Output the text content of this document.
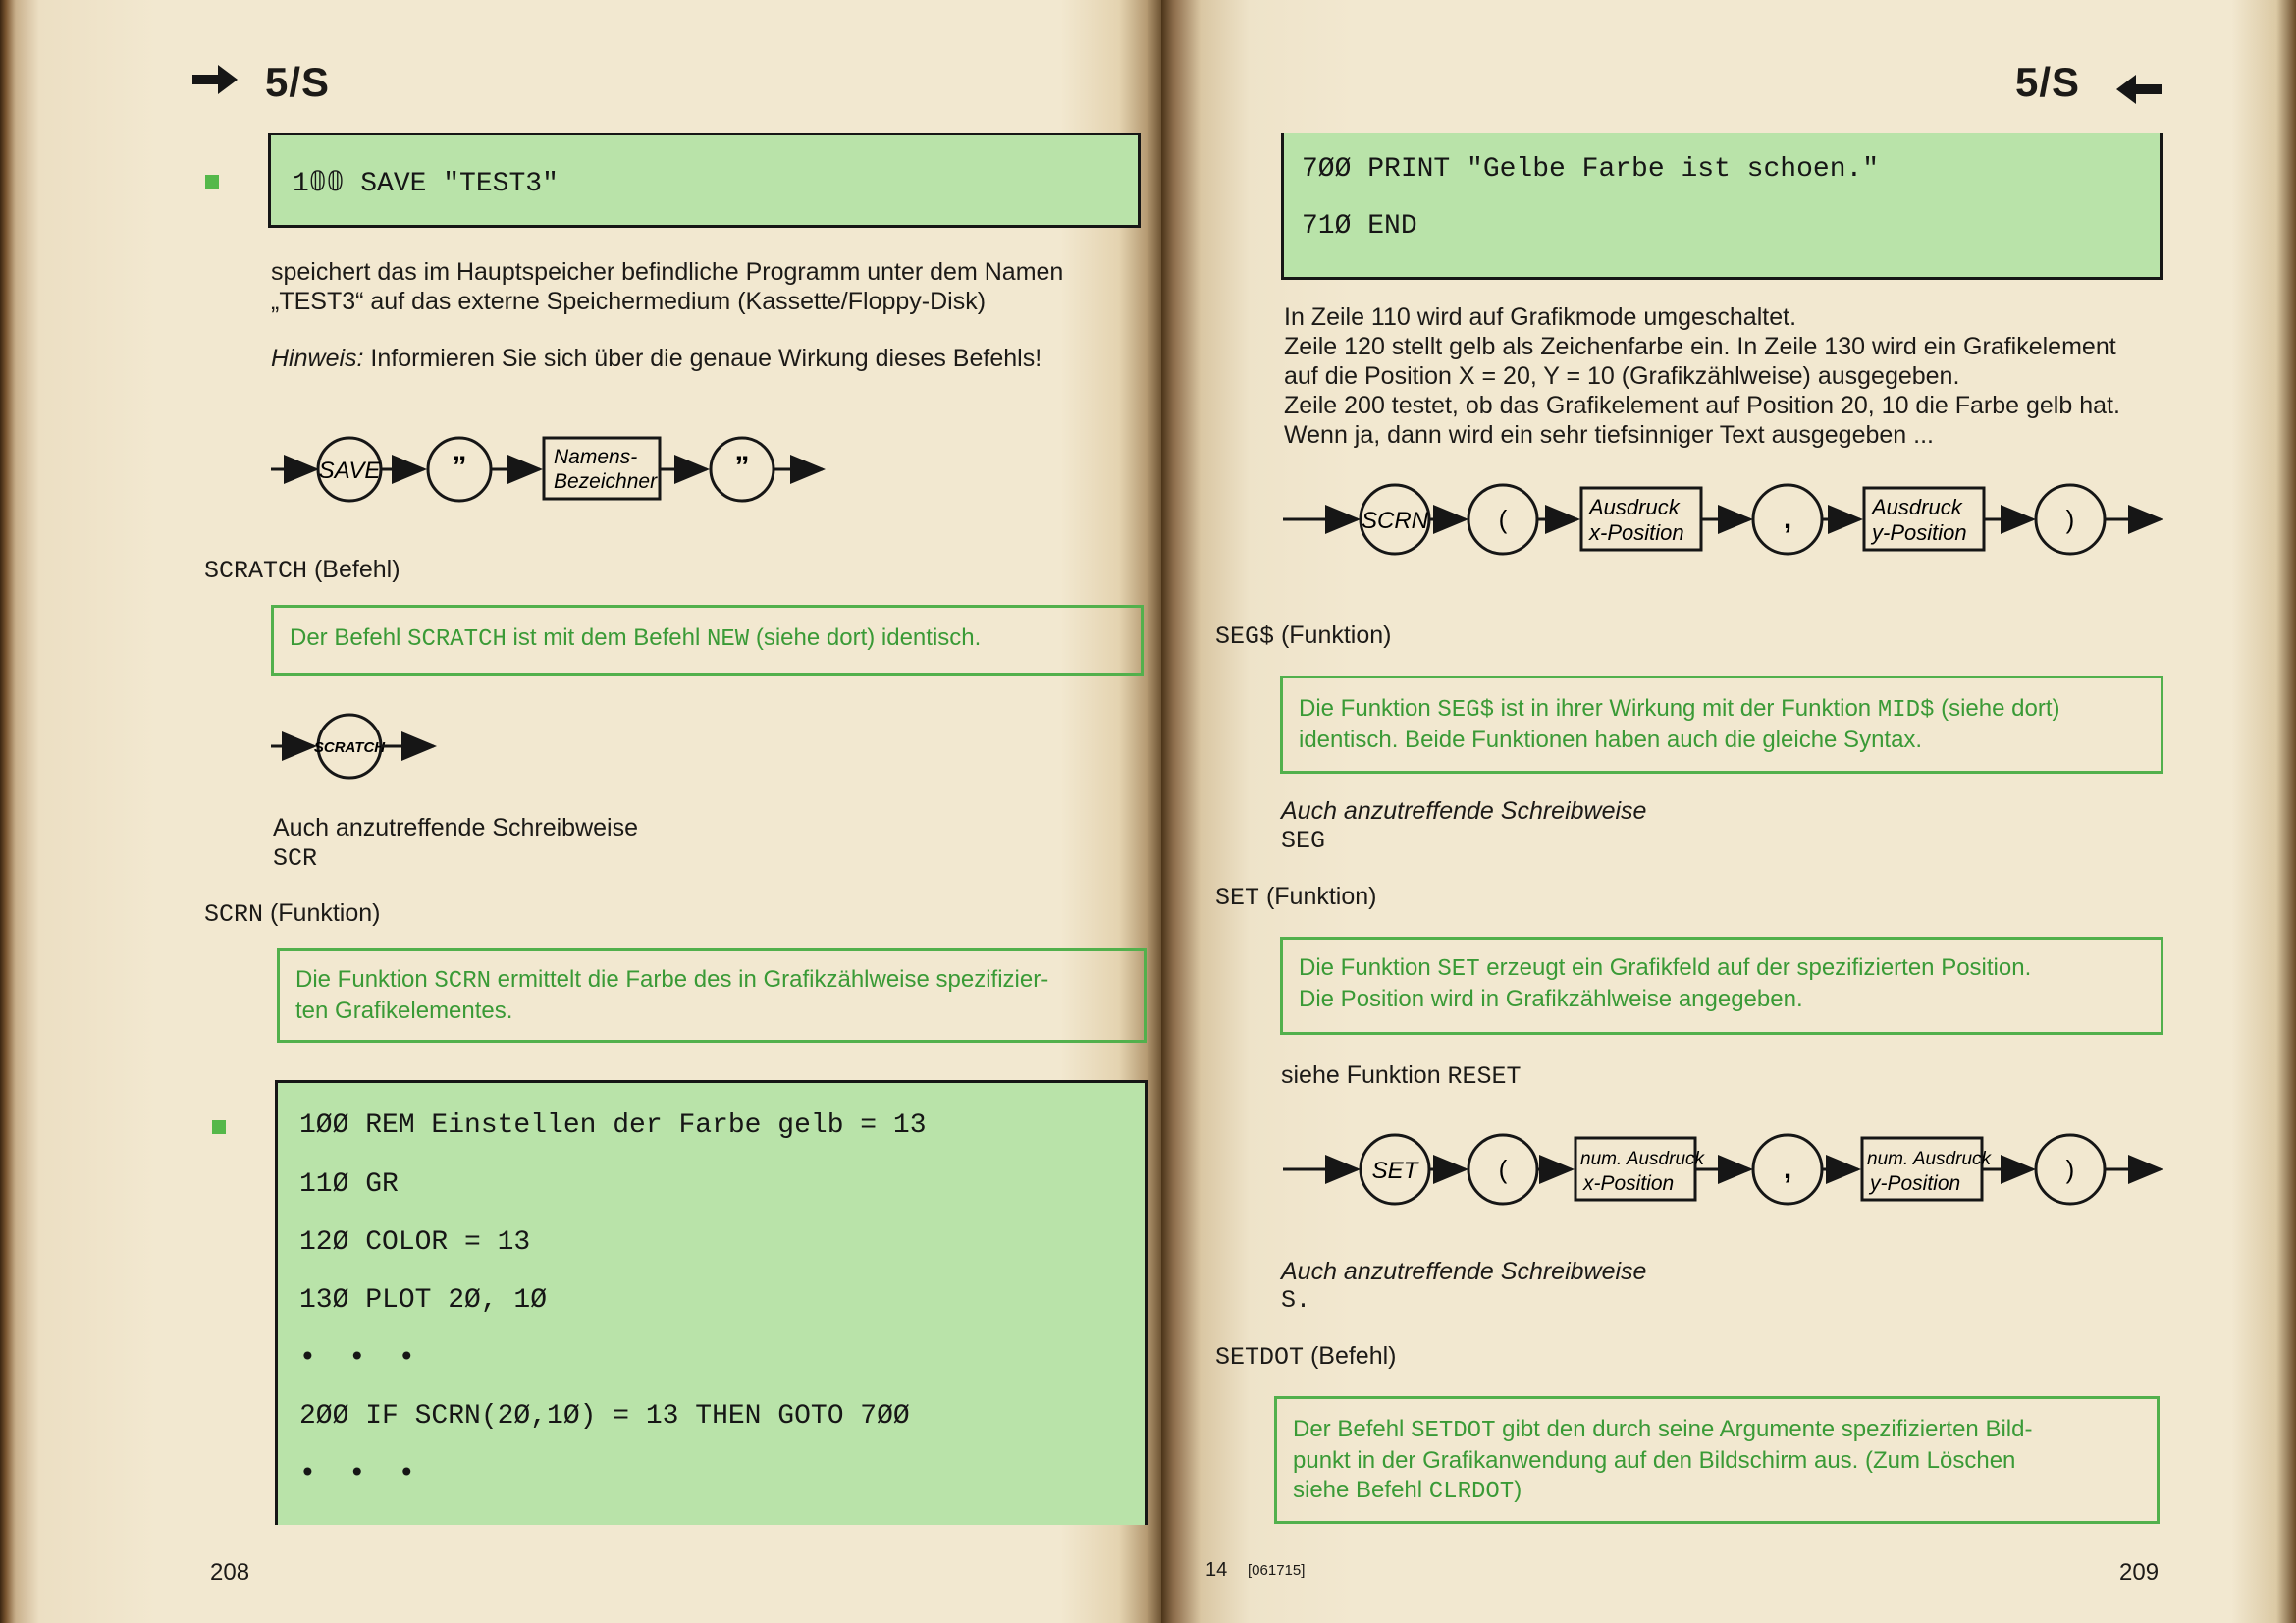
5/S
1𝟘𝟘 SAVE "TEST3"
speichert das im Hauptspeicher befindliche Programm unter dem Namen
„TEST3“ auf das externe Speichermedium (Kassette/Floppy-Disk)
Hinweis: Informieren Sie sich über die genaue Wirkung dieses Befehls!
SAVE ”	Namens-
Bezeichner	”
SCRATCH (Befehl)
Der Befehl SCRATCH ist mit dem Befehl NEW (siehe dort) identisch.
SCRATCH
Auch anzutreffende Schreibweise
SCR
SCRN (Funktion)
Die Funktion SCRN ermittelt die Farbe des in Grafikzählweise spezifizier-
ten Grafikelementes.
1ØØ REM Einstellen der Farbe gelb = 13
11Ø GR
12Ø COLOR = 13
13Ø PLOT 2Ø, 1Ø
•  •  •
2ØØ IF SCRN(2Ø,1Ø) = 13 THEN GOTO 7ØØ
•  •  •
208
5/S
7ØØ PRINT "Gelbe Farbe ist schoen."
71Ø END
In Zeile 110 wird auf Grafikmode umgeschaltet.
Zeile 120 stellt gelb als Zeichenfarbe ein. In Zeile 130 wird ein Grafikelement
auf die Position X = 20, Y = 10 (Grafikzählweise) ausgegeben.
Zeile 200 testet, ob das Grafikelement auf Position 20, 10 die Farbe gelb hat.
Wenn ja, dann wird ein sehr tiefsinniger Text ausgegeben ...
SCRN	(	Ausdruck
x-Position	,	Ausdruck
y-Position	)
SEG$ (Funktion)
Die Funktion SEG$ ist in ihrer Wirkung mit der Funktion MID$ (siehe dort)
identisch. Beide Funktionen haben auch die gleiche Syntax.
Auch anzutreffende Schreibweise
SEG
SET (Funktion)
Die Funktion SET erzeugt ein Grafikfeld auf der spezifizierten Position.
Die Position wird in Grafikzählweise angegeben.
siehe Funktion RESET
SET	(	num. Ausdruck
x-Position	,	num. Ausdruck
y-Position	)
Auch anzutreffende Schreibweise
S.
SETDOT (Befehl)
Der Befehl SETDOT gibt den durch seine Argumente spezifizierten Bild-
punkt in der Grafikanwendung auf den Bildschirm aus. (Zum Löschen
siehe Befehl CLRDOT)
14 [061715]	209
